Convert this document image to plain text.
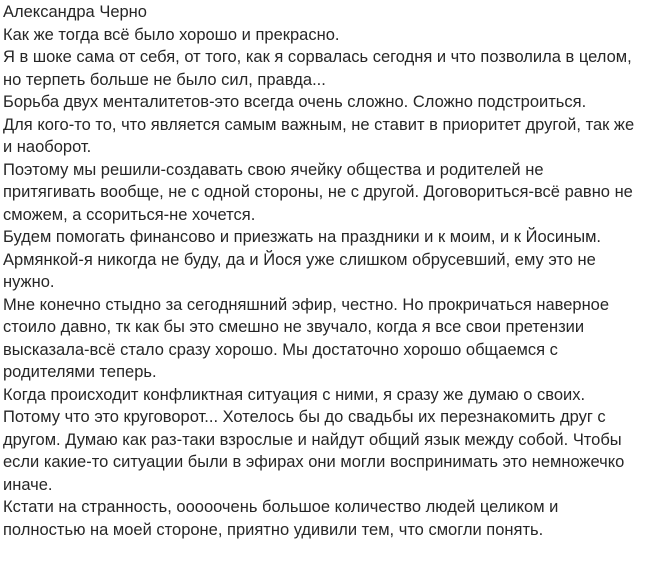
Александра Черно
Как же тогда всё было хорошо и прекрасно.
Я в шоке сама от себя, от того, как я сорвалась сегодня и что позволила в целом,
но терпеть больше не было сил, правда...
Борьба двух менталитетов-это всегда очень сложно. Сложно подстроиться.
Для кого-то то, что является самым важным, не ставит в приоритет другой, так же
и наоборот.
Поэтому мы решили-создавать свою ячейку общества и родителей не
притягивать вообще, не с одной стороны, не с другой. Договориться-всё равно не
сможем, а ссориться-не хочется.
Будем помогать финансово и приезжать на праздники и к моим, и к Йосиным.
Армянкой-я никогда не буду, да и Йося уже слишком обрусевший, ему это не
нужно.
Мне конечно стыдно за сегодняшний эфир, честно. Но прокричаться наверное
стоило давно, тк как бы это смешно не звучало, когда я все свои претензии
высказала-всё стало сразу хорошо. Мы достаточно хорошо общаемся с
родителями теперь.
Когда происходит конфликтная ситуация с ними, я сразу же думаю о своих.
Потому что это круговорот... Хотелось бы до свадьбы их перезнакомить друг с
другом. Думаю как раз-таки взрослые и найдут общий язык между собой. Чтобы
если какие-то ситуации были в эфирах они могли воспринимать это немножечко
иначе.
Кстати на странность, ооооочень большое количество людей целиком и
полностью на моей стороне, приятно удивили тем, что смогли понять.
